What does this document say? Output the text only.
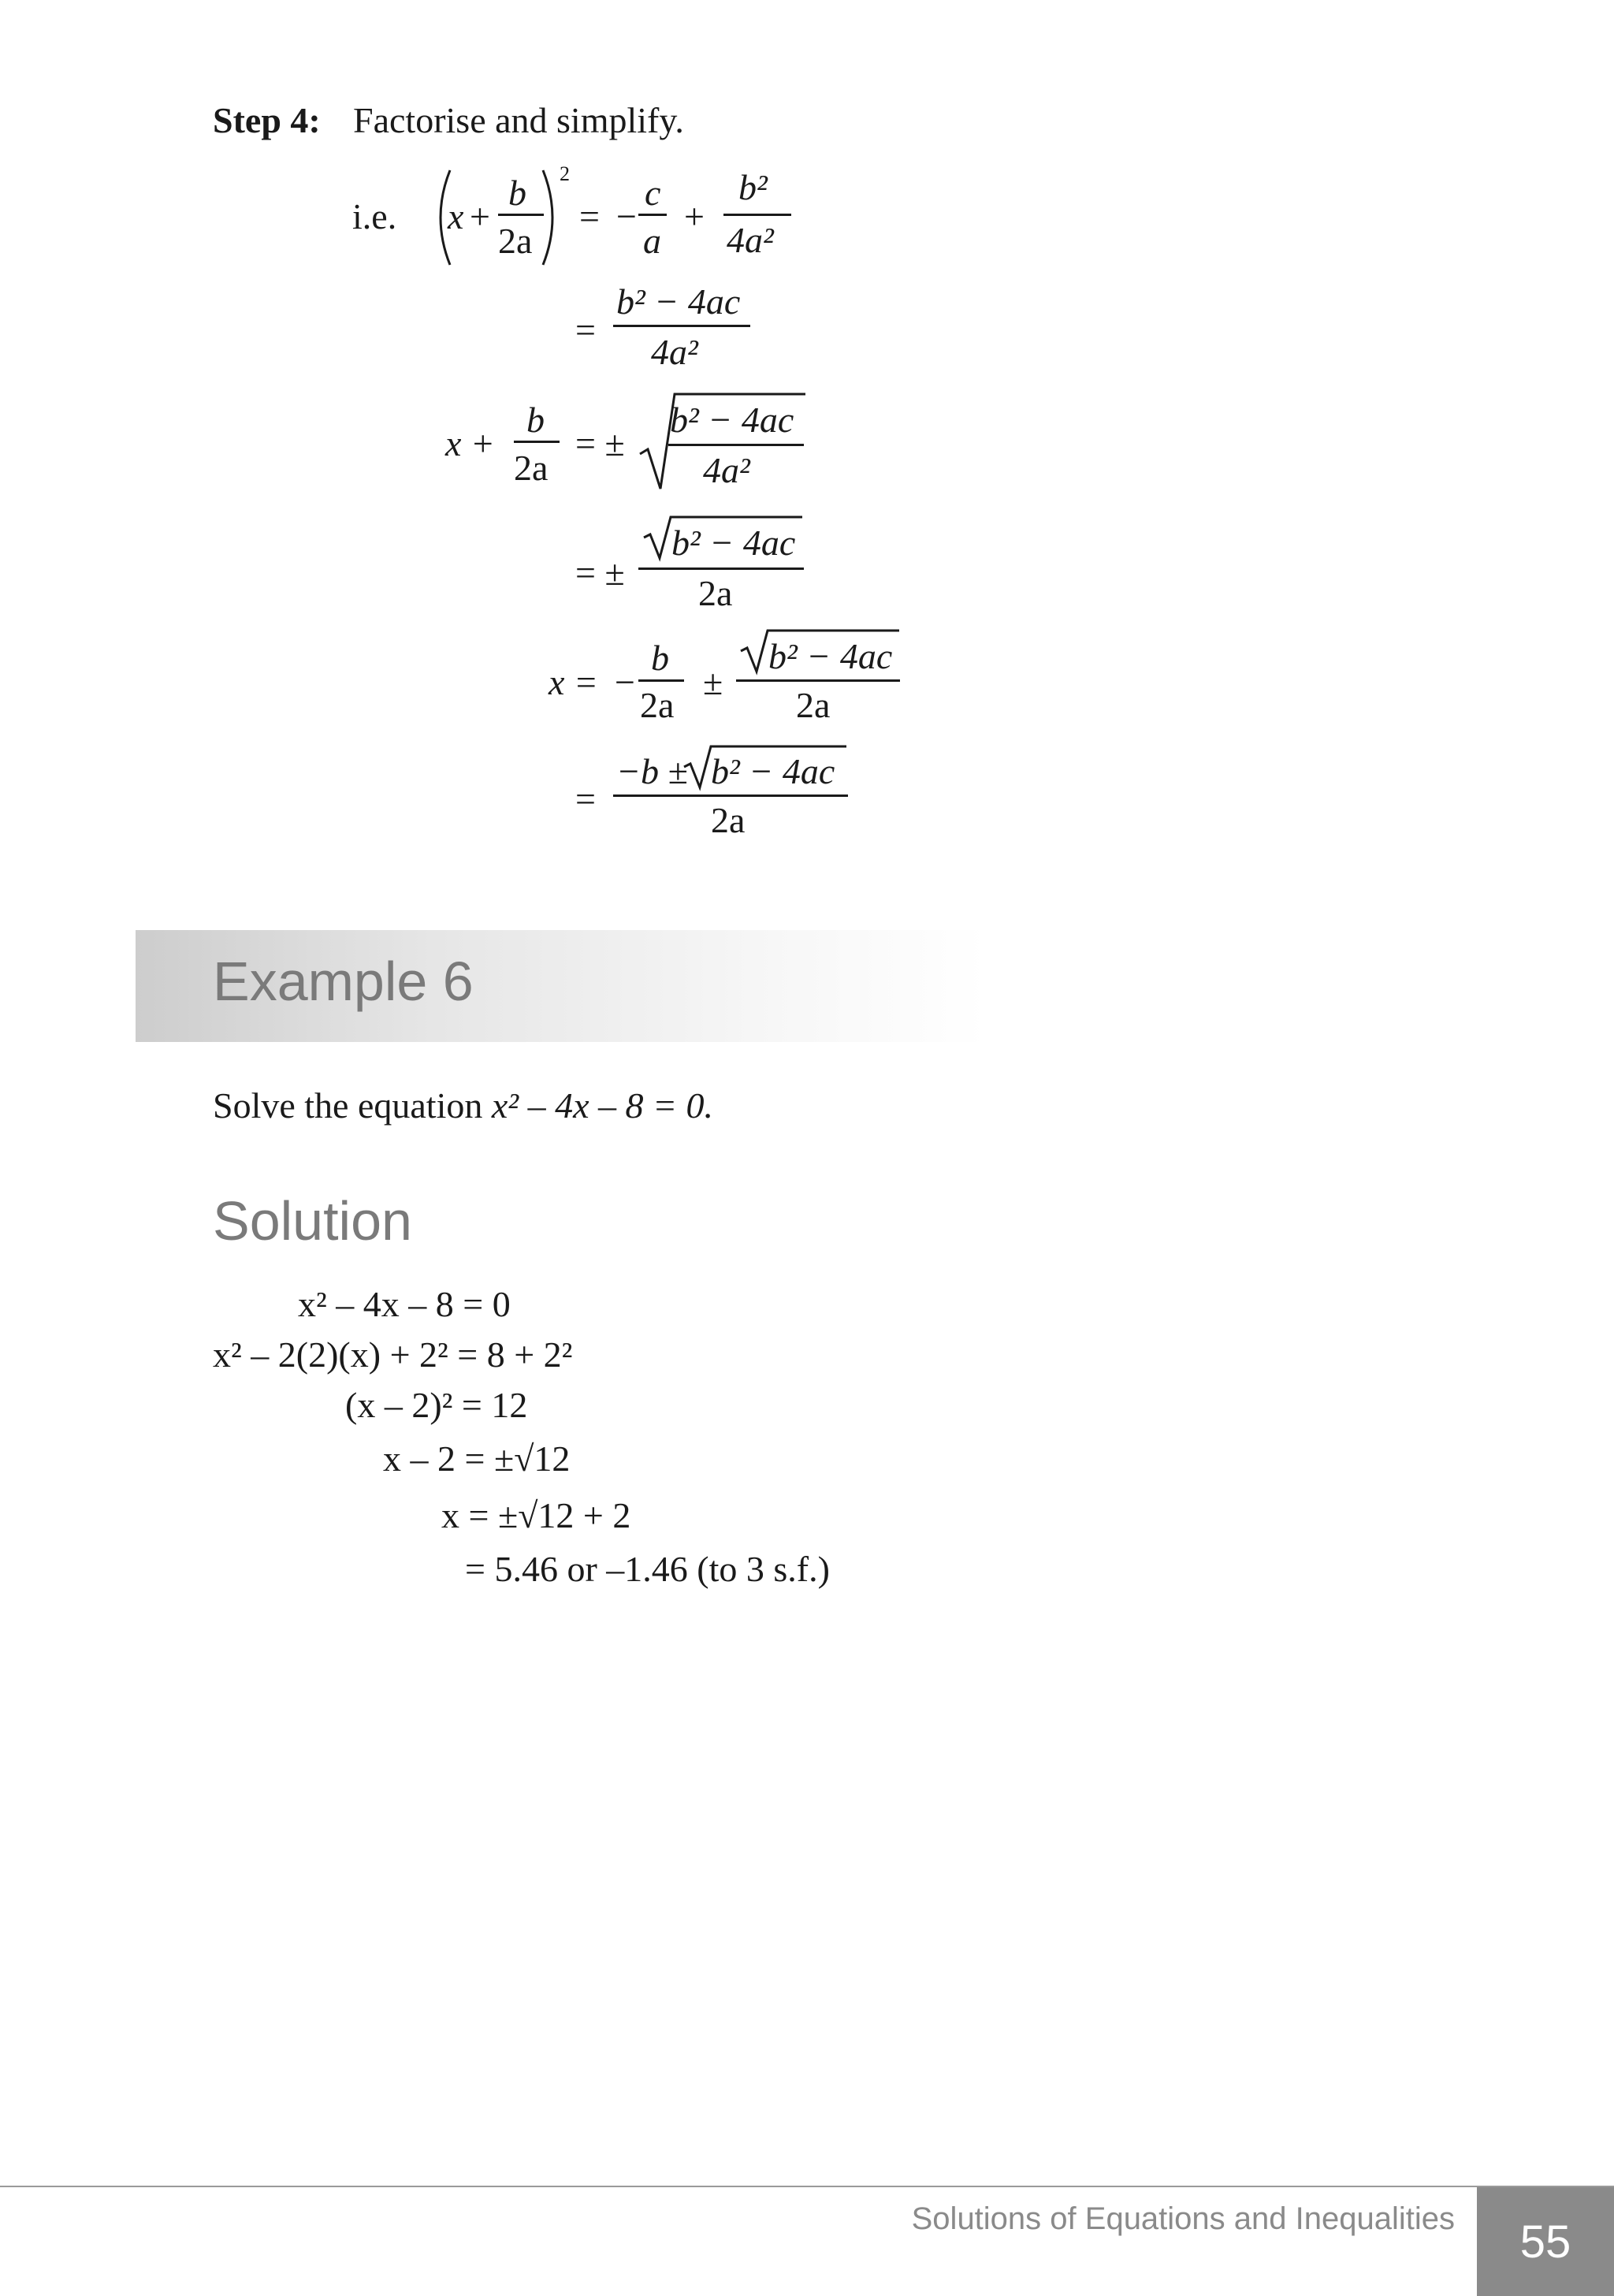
Step 4: Factorise and simplify.
i.e. x +
b
2a
2
= −
c
a
+
b²
4a²
=
b² − 4ac
4a²
x +
b
2a
= ±
b² − 4ac
4a²
= ±
b² − 4ac
2a
x = −
b
2a
±
b² − 4ac
2a
=
−b ± b² − 4ac
2a
Example 6
Solve the equation x² – 4x – 8 = 0.
Solution
x² – 4x – 8 = 0
x² – 2(2)(x) + 2² = 8 + 2²
(x – 2)² = 12
x – 2 = ±√12
x = ±√12 + 2
= 5.46 or –1.46 (to 3 s.f.)
Solutions of Equations and Inequalities	55
